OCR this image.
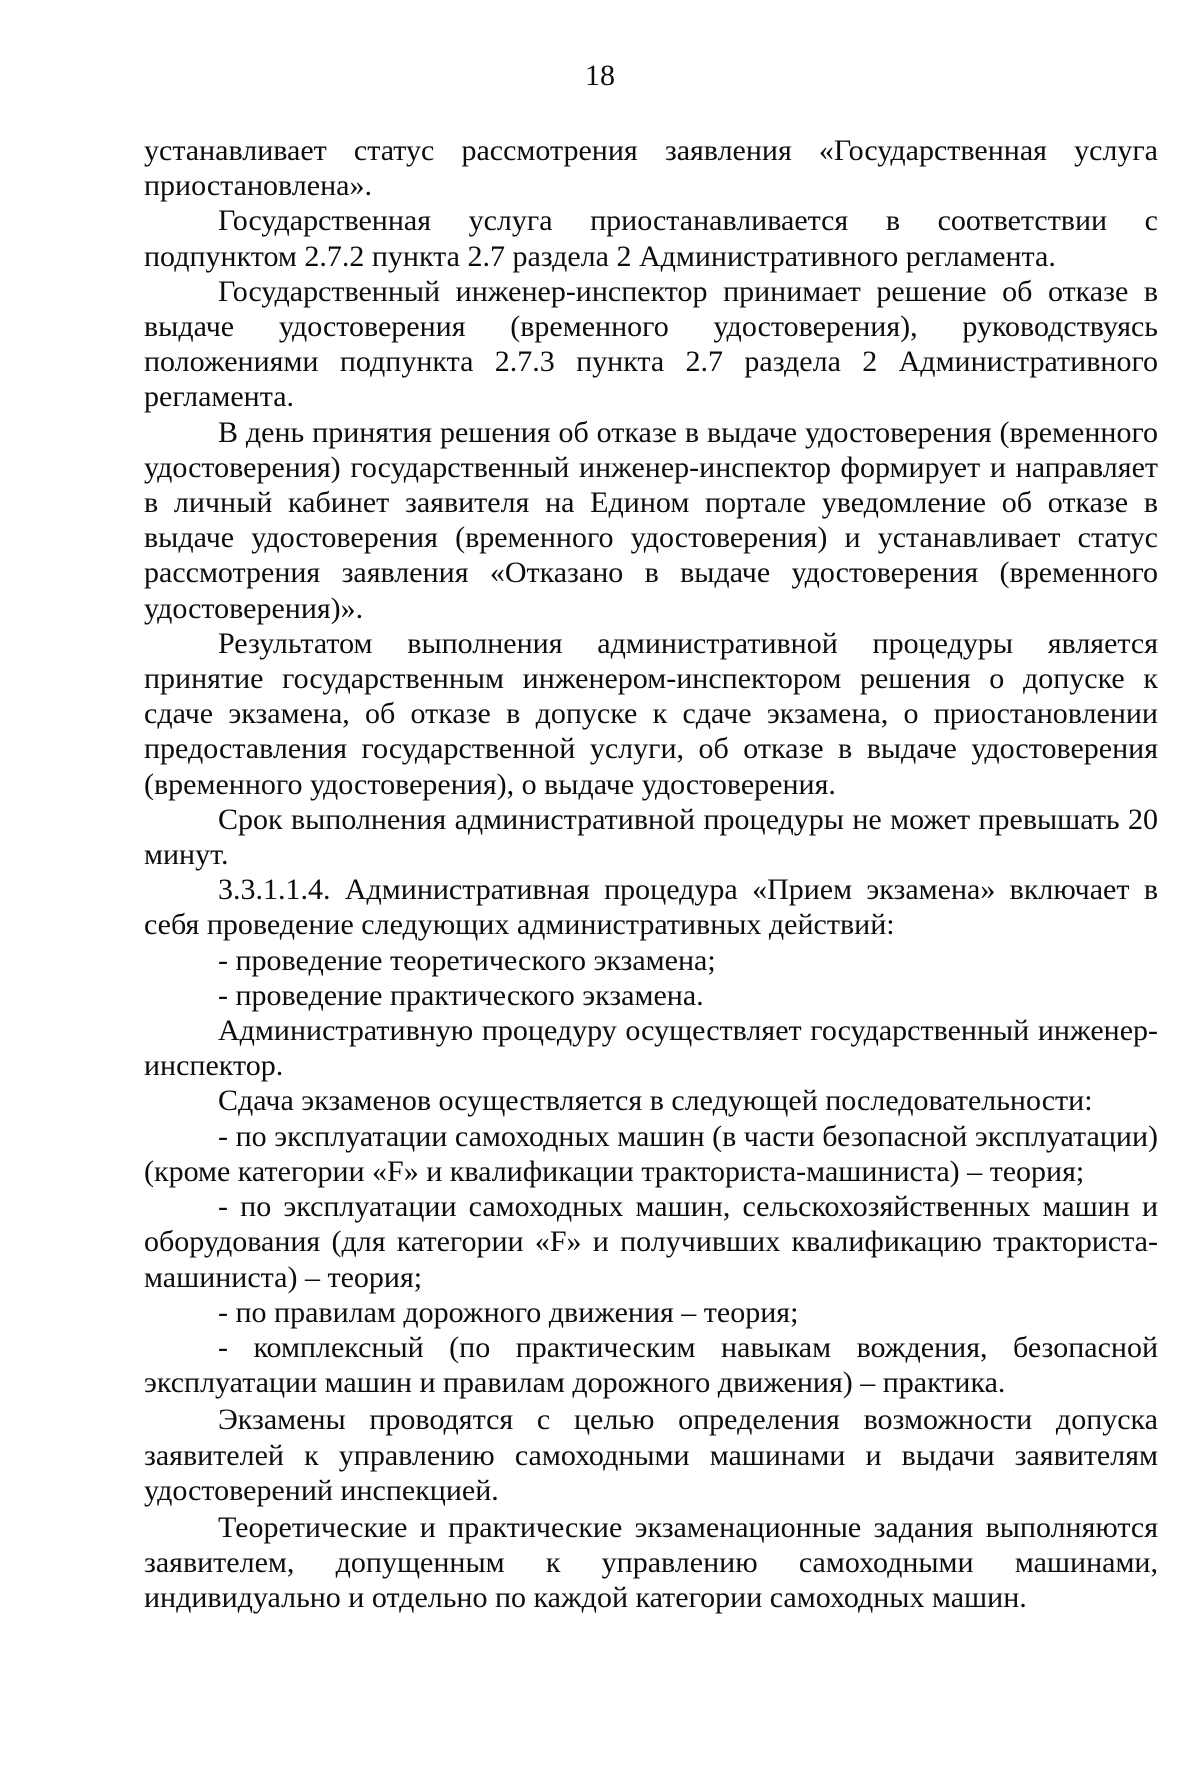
18

устанавливает статус рассмотрения заявления «Государственная услуга приостановлена».

Государственная услуга приостанавливается в соответствии с подпунктом 2.7.2 пункта 2.7 раздела 2 Административного регламента.

Государственный инженер-инспектор принимает решение об отказе в выдаче удостоверения (временного удостоверения), руководствуясь положениями подпункта 2.7.3 пункта 2.7 раздела 2 Административного регламента.

В день принятия решения об отказе в выдаче удостоверения (временного удостоверения) государственный инженер-инспектор формирует и направляет в личный кабинет заявителя на Едином портале уведомление об отказе в выдаче удостоверения (временного удостоверения) и устанавливает статус рассмотрения заявления «Отказано в выдаче удостоверения (временного удостоверения)».

Результатом выполнения административной процедуры является принятие государственным инженером-инспектором решения о допуске к сдаче экзамена, об отказе в допуске к сдаче экзамена, о приостановлении предоставления государственной услуги, об отказе в выдаче удостоверения (временного удостоверения), о выдаче удостоверения.

Срок выполнения административной процедуры не может превышать 20 минут.

3.3.1.1.4. Административная процедура «Прием экзамена» включает в себя проведение следующих административных действий:

- проведение теоретического экзамена;

- проведение практического экзамена.

Административную процедуру осуществляет государственный инженер-инспектор.

Сдача экзаменов осуществляется в следующей последовательности:

- по эксплуатации самоходных машин (в части безопасной эксплуатации) (кроме категории «F» и квалификации тракториста-машиниста) – теория;

- по эксплуатации самоходных машин, сельскохозяйственных машин и оборудования (для категории «F» и получивших квалификацию тракториста-машиниста) – теория;

- по правилам дорожного движения – теория;

- комплексный (по практическим навыкам вождения, безопасной эксплуатации машин и правилам дорожного движения) – практика.

Экзамены проводятся с целью определения возможности допуска заявителей к управлению самоходными машинами и выдачи заявителям удостоверений инспекцией.

Теоретические и практические экзаменационные задания выполняются заявителем, допущенным к управлению самоходными машинами, индивидуально и отдельно по каждой категории самоходных машин.
